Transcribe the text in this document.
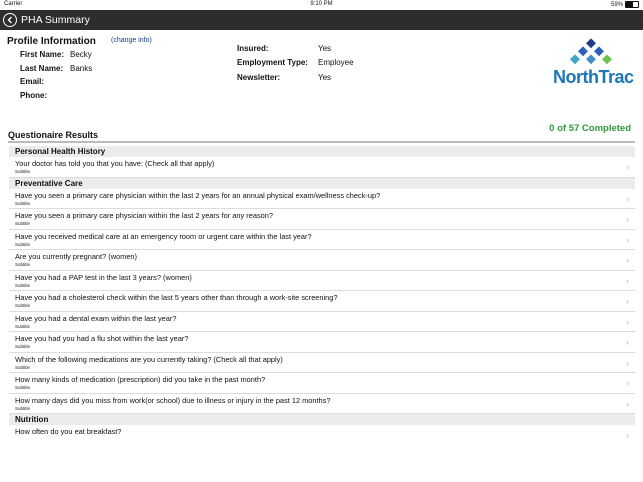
Carrier	9:10 PM	59%
PHA Summary
Profile Information (change info)
First Name: Becky
Last Name: Banks
Email:
Phone:
Insured:	Yes
Employment Type: Employee
Newsletter:	Yes	NorthTrac
Questionaire Results
0 of 57 Completed
Personal Health History
Your doctor has told you that you have: (Check all that apply)
Subtitle	›
Preventative Care
Have you seen a primary care physician within the last 2 years for an annual physical exam/wellness check-up?
Subtitle	›
Have you seen a primary care physician within the last 2 years for any reason?
Subtitle	›
Have you received medical care at an emergency room or urgent care within the last year?
Subtitle	›
Are you currently pregnant? (women)
Subtitle	›
Have you had a PAP test in the last 3 years? (women)
Subtitle	›
Have you had a cholesterol check within the last 5 years other than through a work-site screening?
Subtitle	›
Have you had a dental exam within the last year?
Subtitle	›
Have you had you had a flu shot within the last year?
Subtitle	›
Which of the following medications are you currently taking? (Check all that apply)
Subtitle	›
How many kinds of medication (prescription) did you take in the past month?
Subtitle	›
How many days did you miss from work(or school) due to illness or injury in the past 12 months?
Subtitle	›
Nutrition
How often do you eat breakfast?	›
